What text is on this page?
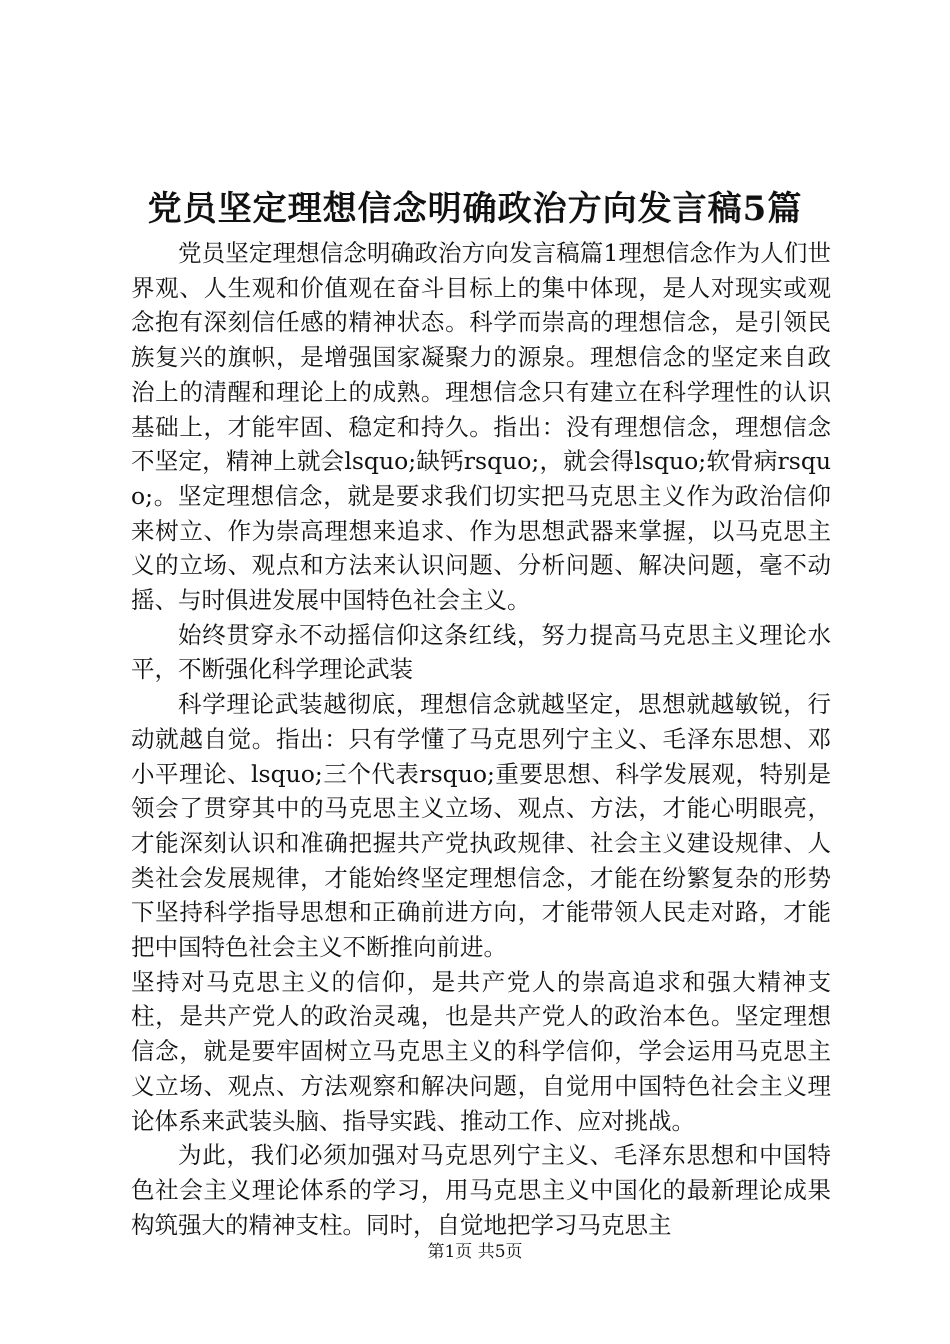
党员坚定理想信念明确政治方向发言稿5篇

党员坚定理想信念明确政治方向发言稿篇1理想信念作为人们世界观、人生观和价值观在奋斗目标上的集中体现，是人对现实或观念抱有深刻信任感的精神状态。科学而崇高的理想信念，是引领民族复兴的旗帜，是增强国家凝聚力的源泉。理想信念的坚定来自政治上的清醒和理论上的成熟。理想信念只有建立在科学理性的认识基础上，才能牢固、稳定和持久。指出：没有理想信念，理想信念不坚定，精神上就会lsquo;缺钙rsquo;，就会得lsquo;软骨病rsquo;。坚定理想信念，就是要求我们切实把马克思主义作为政治信仰来树立、作为崇高理想来追求、作为思想武器来掌握，以马克思主义的立场、观点和方法来认识问题、分析问题、解决问题，毫不动摇、与时俱进发展中国特色社会主义。

始终贯穿永不动摇信仰这条红线，努力提高马克思主义理论水平，不断强化科学理论武装

科学理论武装越彻底，理想信念就越坚定，思想就越敏锐，行动就越自觉。指出：只有学懂了马克思列宁主义、毛泽东思想、邓小平理论、lsquo;三个代表rsquo;重要思想、科学发展观，特别是领会了贯穿其中的马克思主义立场、观点、方法，才能心明眼亮，才能深刻认识和准确把握共产党执政规律、社会主义建设规律、人类社会发展规律，才能始终坚定理想信念，才能在纷繁复杂的形势下坚持科学指导思想和正确前进方向，才能带领人民走对路，才能把中国特色社会主义不断推向前进。

坚持对马克思主义的信仰，是共产党人的崇高追求和强大精神支柱，是共产党人的政治灵魂，也是共产党人的政治本色。坚定理想信念，就是要牢固树立马克思主义的科学信仰，学会运用马克思主义立场、观点、方法观察和解决问题，自觉用中国特色社会主义理论体系来武装头脑、指导实践、推动工作、应对挑战。

为此，我们必须加强对马克思列宁主义、毛泽东思想和中国特色社会主义理论体系的学习，用马克思主义中国化的最新理论成果构筑强大的精神支柱。同时，自觉地把学习马克思主

第1页 共5页
